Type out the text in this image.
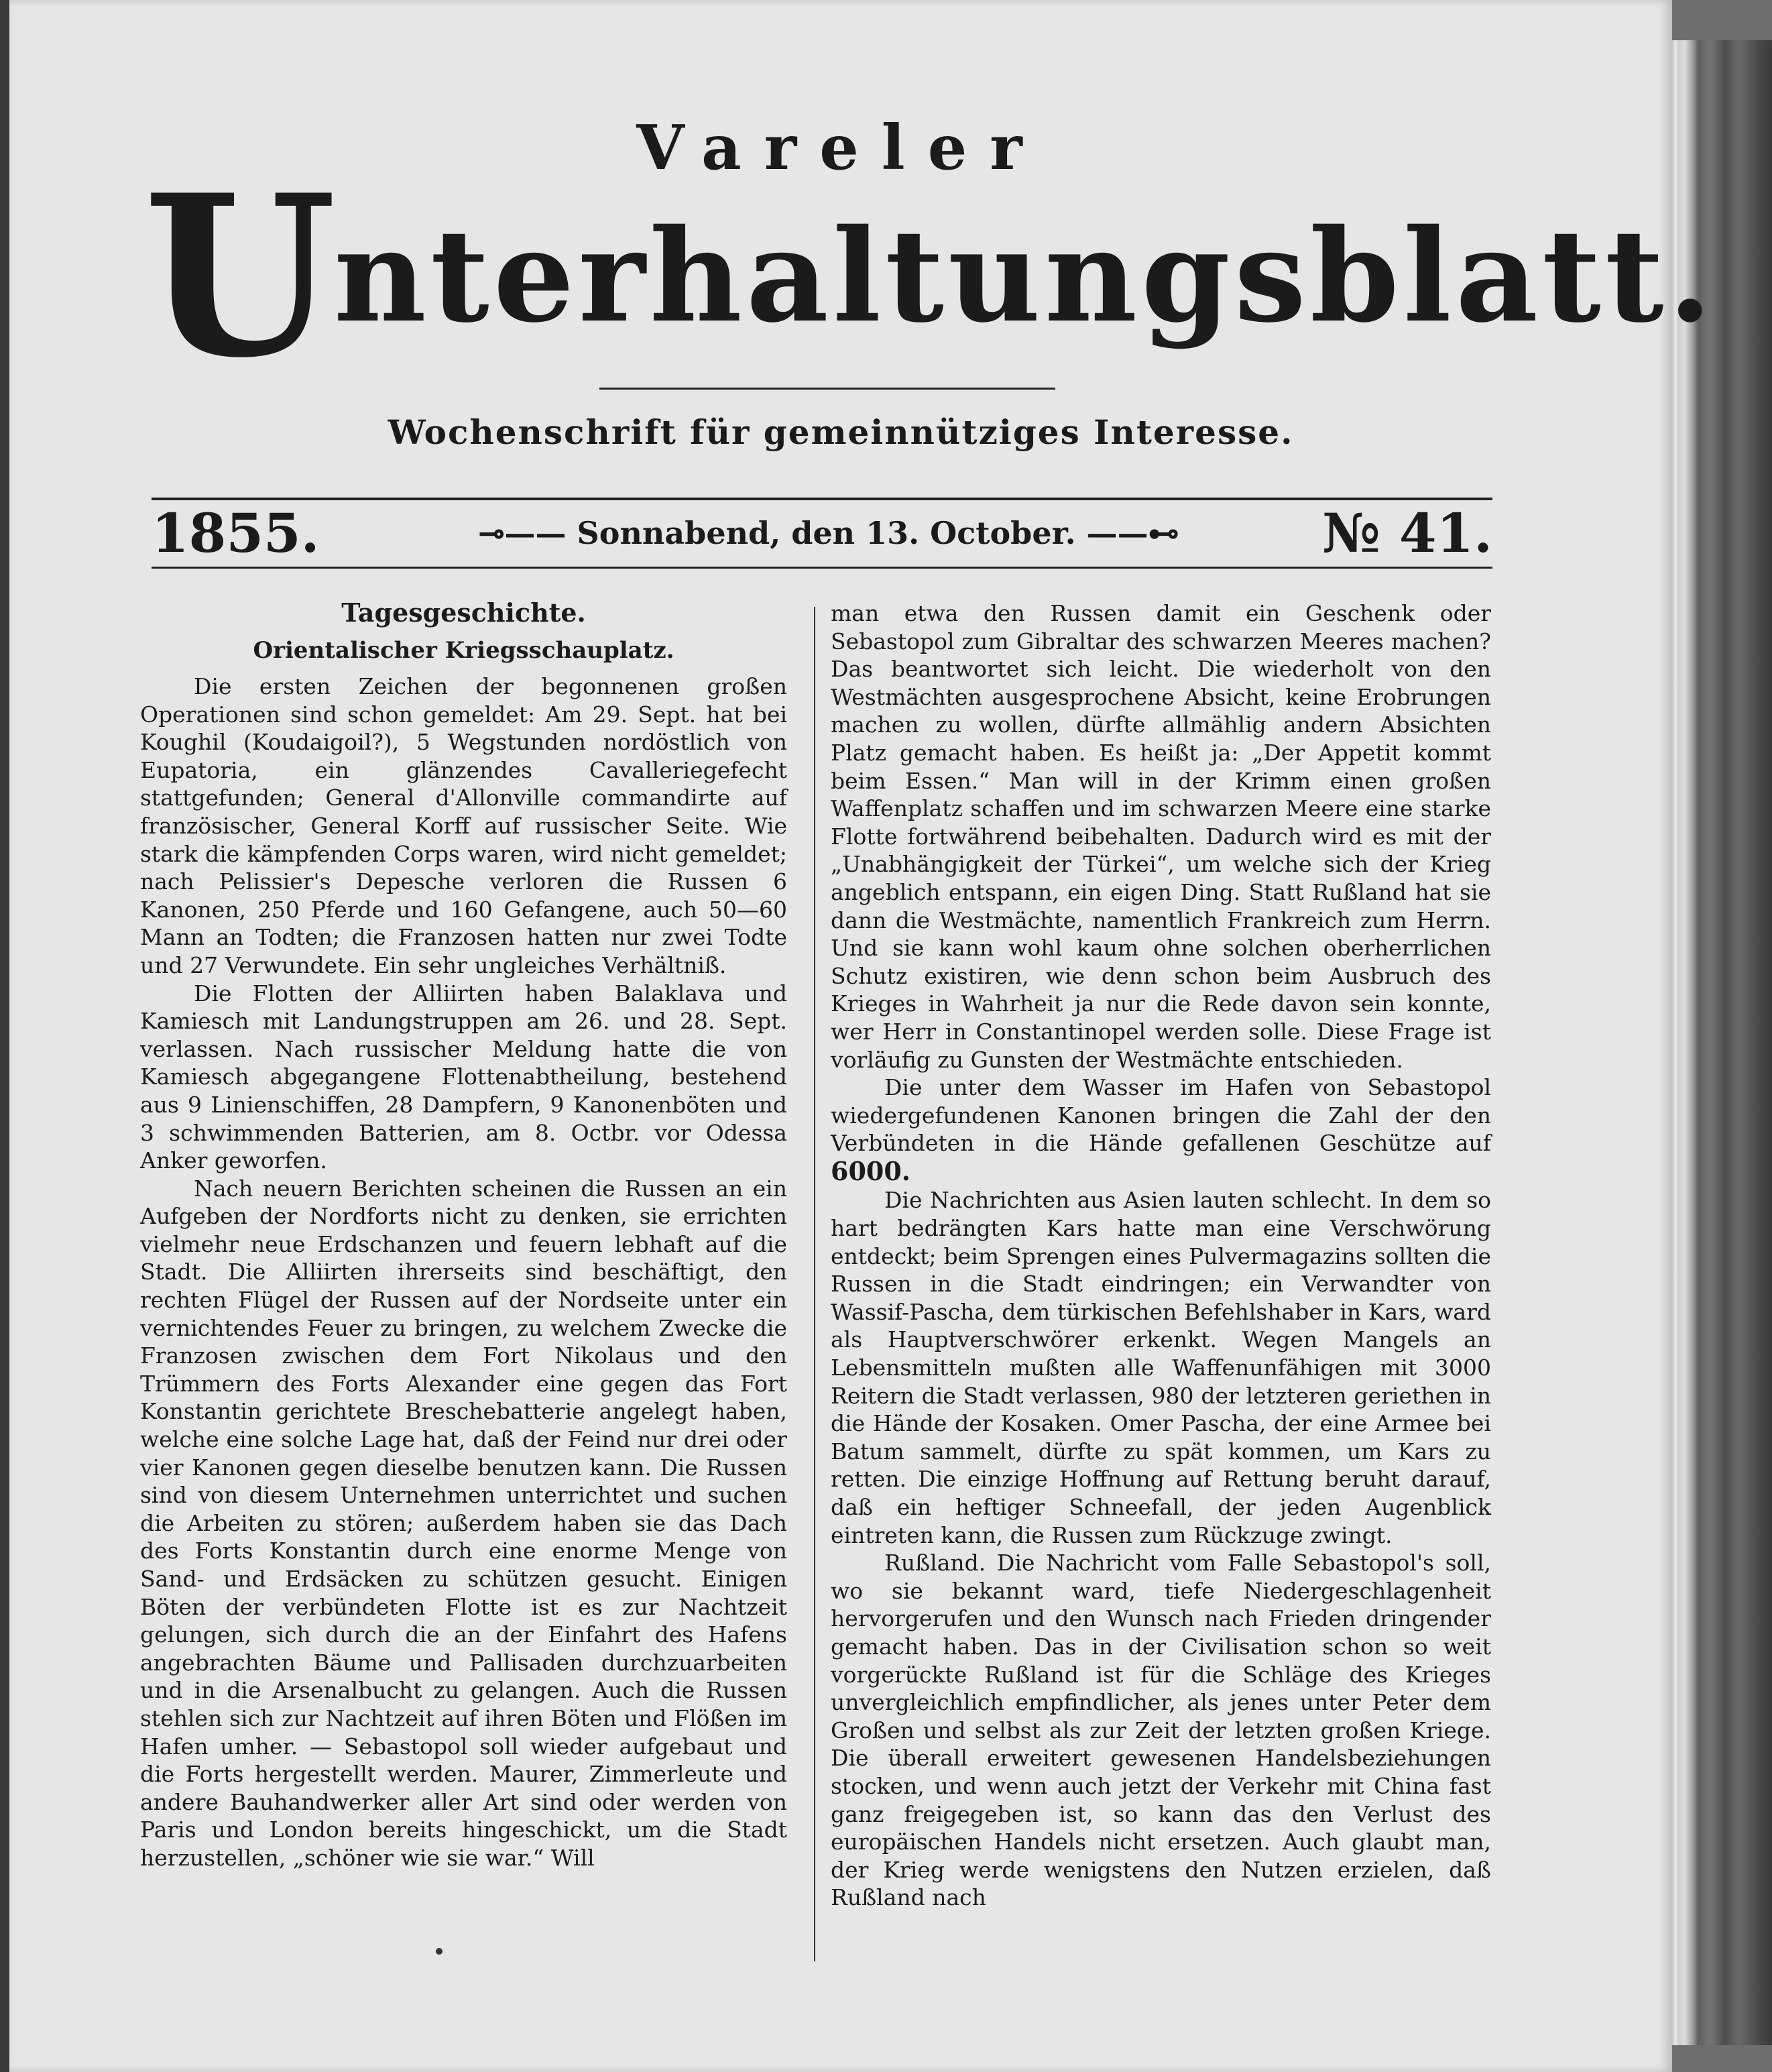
Vareler
Unterhaltungsblatt.
Wochenschrift für gemeinnütziges Interesse.
1855.	⊸—— Sonnabend, den 13. October. ——⊷	№ 41.
Tagesgeschichte.
Orientalischer Kriegsschauplatz.

Die ersten Zeichen der begonnenen großen Operationen sind schon gemeldet: Am 29. Sept. hat bei Koughil (Koudaigoil?), 5 Wegstunden nordöstlich von Eupatoria, ein glänzendes Cavalleriegefecht stattgefunden; General d'Allonville commandirte auf französischer, General Korff auf russischer Seite. Wie stark die kämpfenden Corps waren, wird nicht gemeldet; nach Pelissier's Depesche verloren die Russen 6 Kanonen, 250 Pferde und 160 Gefangene, auch 50—60 Mann an Todten; die Franzosen hatten nur zwei Todte und 27 Verwundete. Ein sehr ungleiches Verhältniß.

Die Flotten der Alliirten haben Balaklava und Kamiesch mit Landungstruppen am 26. und 28. Sept. verlassen. Nach russischer Meldung hatte die von Kamiesch abgegangene Flottenabtheilung, bestehend aus 9 Linienschiffen, 28 Dampfern, 9 Kanonenböten und 3 schwimmenden Batterien, am 8. Octbr. vor Odessa Anker geworfen.

Nach neuern Berichten scheinen die Russen an ein Aufgeben der Nordforts nicht zu denken, sie errichten vielmehr neue Erdschanzen und feuern lebhaft auf die Stadt. Die Alliirten ihrerseits sind beschäftigt, den rechten Flügel der Russen auf der Nordseite unter ein vernichtendes Feuer zu bringen, zu welchem Zwecke die Franzosen zwischen dem Fort Nikolaus und den Trümmern des Forts Alexander eine gegen das Fort Konstantin gerichtete Breschebatterie angelegt haben, welche eine solche Lage hat, daß der Feind nur drei oder vier Kanonen gegen dieselbe benutzen kann. Die Russen sind von diesem Unternehmen unterrichtet und suchen die Arbeiten zu stören; außerdem haben sie das Dach des Forts Konstantin durch eine enorme Menge von Sand- und Erdsäcken zu schützen gesucht. Einigen Böten der verbündeten Flotte ist es zur Nachtzeit gelungen, sich durch die an der Einfahrt des Hafens angebrachten Bäume und Pallisaden durchzuarbeiten und in die Arsenalbucht zu gelangen. Auch die Russen stehlen sich zur Nachtzeit auf ihren Böten und Flößen im Hafen umher. — Sebastopol soll wieder aufgebaut und die Forts hergestellt werden. Maurer, Zimmerleute und andere Bauhandwerker aller Art sind oder werden von Paris und London bereits hingeschickt, um die Stadt herzustellen, „schöner wie sie war.“ Will

man etwa den Russen damit ein Geschenk oder Sebastopol zum Gibraltar des schwarzen Meeres machen? Das beantwortet sich leicht. Die wiederholt von den Westmächten ausgesprochene Absicht, keine Erobrungen machen zu wollen, dürfte allmählig andern Absichten Platz gemacht haben. Es heißt ja: „Der Appetit kommt beim Essen.“ Man will in der Krimm einen großen Waffenplatz schaffen und im schwarzen Meere eine starke Flotte fortwährend beibehalten. Dadurch wird es mit der „Unabhängigkeit der Türkei“, um welche sich der Krieg angeblich entspann, ein eigen Ding. Statt Rußland hat sie dann die Westmächte, namentlich Frankreich zum Herrn. Und sie kann wohl kaum ohne solchen oberherrlichen Schutz existiren, wie denn schon beim Ausbruch des Krieges in Wahrheit ja nur die Rede davon sein konnte, wer Herr in Constantinopel werden solle. Diese Frage ist vorläufig zu Gunsten der Westmächte entschieden.

Die unter dem Wasser im Hafen von Sebastopol wiedergefundenen Kanonen bringen die Zahl der den Verbündeten in die Hände gefallenen Geschütze auf 6000.

Die Nachrichten aus Asien lauten schlecht. In dem so hart bedrängten Kars hatte man eine Verschwörung entdeckt; beim Sprengen eines Pulvermagazins sollten die Russen in die Stadt eindringen; ein Verwandter von Wassif-Pascha, dem türkischen Befehlshaber in Kars, ward als Hauptverschwörer erkenkt. Wegen Mangels an Lebensmitteln mußten alle Waffenunfähigen mit 3000 Reitern die Stadt verlassen, 980 der letzteren geriethen in die Hände der Kosaken. Omer Pascha, der eine Armee bei Batum sammelt, dürfte zu spät kommen, um Kars zu retten. Die einzige Hoffnung auf Rettung beruht darauf, daß ein heftiger Schneefall, der jeden Augenblick eintreten kann, die Russen zum Rückzuge zwingt.

Rußland. Die Nachricht vom Falle Sebastopol's soll, wo sie bekannt ward, tiefe Niedergeschlagenheit hervorgerufen und den Wunsch nach Frieden dringender gemacht haben. Das in der Civilisation schon so weit vorgerückte Rußland ist für die Schläge des Krieges unvergleichlich empfindlicher, als jenes unter Peter dem Großen und selbst als zur Zeit der letzten großen Kriege. Die überall erweitert gewesenen Handelsbeziehungen stocken, und wenn auch jetzt der Verkehr mit China fast ganz freigegeben ist, so kann das den Verlust des europäischen Handels nicht ersetzen. Auch glaubt man, der Krieg werde wenigstens den Nutzen erzielen, daß Rußland nach
